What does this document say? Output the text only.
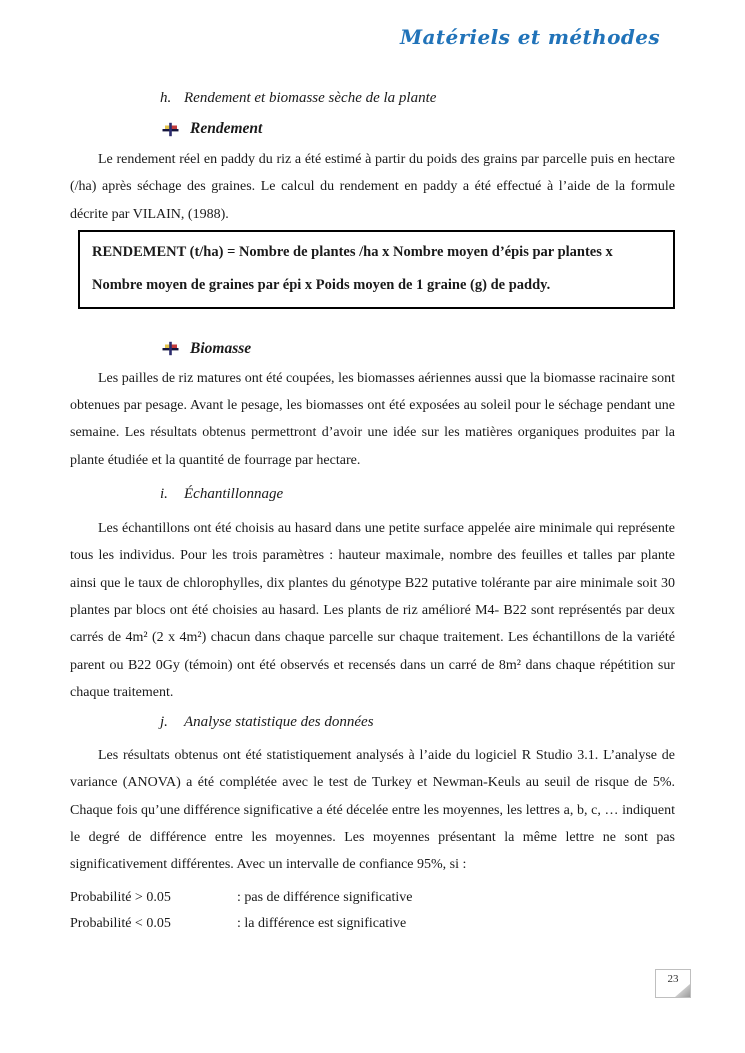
Matériels et méthodes
h. Rendement et biomasse sèche de la plante
Rendement
Le rendement réel en paddy du riz a été estimé à partir du poids des grains par parcelle puis en hectare (/ha) après séchage des graines. Le calcul du rendement en paddy a été effectué à l’aide de la formule décrite par VILAIN, (1988).
RENDEMENT (t/ha) = Nombre de plantes /ha x Nombre moyen d’épis par plantes x
Nombre moyen de graines par épi x Poids moyen de 1 graine (g) de paddy.
Biomasse
Les pailles de riz matures ont été coupées, les biomasses aériennes aussi que la biomasse racinaire sont obtenues par pesage. Avant le pesage, les biomasses ont été exposées au soleil pour le séchage pendant une semaine. Les résultats obtenus permettront d’avoir une idée sur les matières organiques produites par la plante étudiée et la quantité de fourrage par hectare.
i. Échantillonnage
Les échantillons ont été choisis au hasard dans une petite surface appelée aire minimale qui représente tous les individus. Pour les trois paramètres : hauteur maximale, nombre des feuilles et talles par plante ainsi que le taux de chlorophylles, dix plantes du génotype B22 putative tolérante par aire minimale soit 30 plantes par blocs ont été choisies au hasard. Les plants de riz amélioré M4- B22 sont représentés par deux carrés de 4m² (2 x 4m²) chacun dans chaque parcelle sur chaque traitement. Les échantillons de la variété parent ou B22 0Gy (témoin) ont été observés et recensés dans un carré de 8m² dans chaque répétition sur chaque traitement.
j. Analyse statistique des données
Les résultats obtenus ont été statistiquement analysés à l’aide du logiciel R Studio 3.1. L’analyse de variance (ANOVA) a été complétée avec le test de Turkey et Newman-Keuls au seuil de risque de 5%. Chaque fois qu’une différence significative a été décelée entre les moyennes, les lettres a, b, c, … indiquent le degré de différence entre les moyennes. Les moyennes présentant la même lettre ne sont pas significativement différentes. Avec un intervalle de confiance 95%, si :
Probabilité > 0.05	: pas de différence significative
Probabilité < 0.05	: la différence est significative
23
